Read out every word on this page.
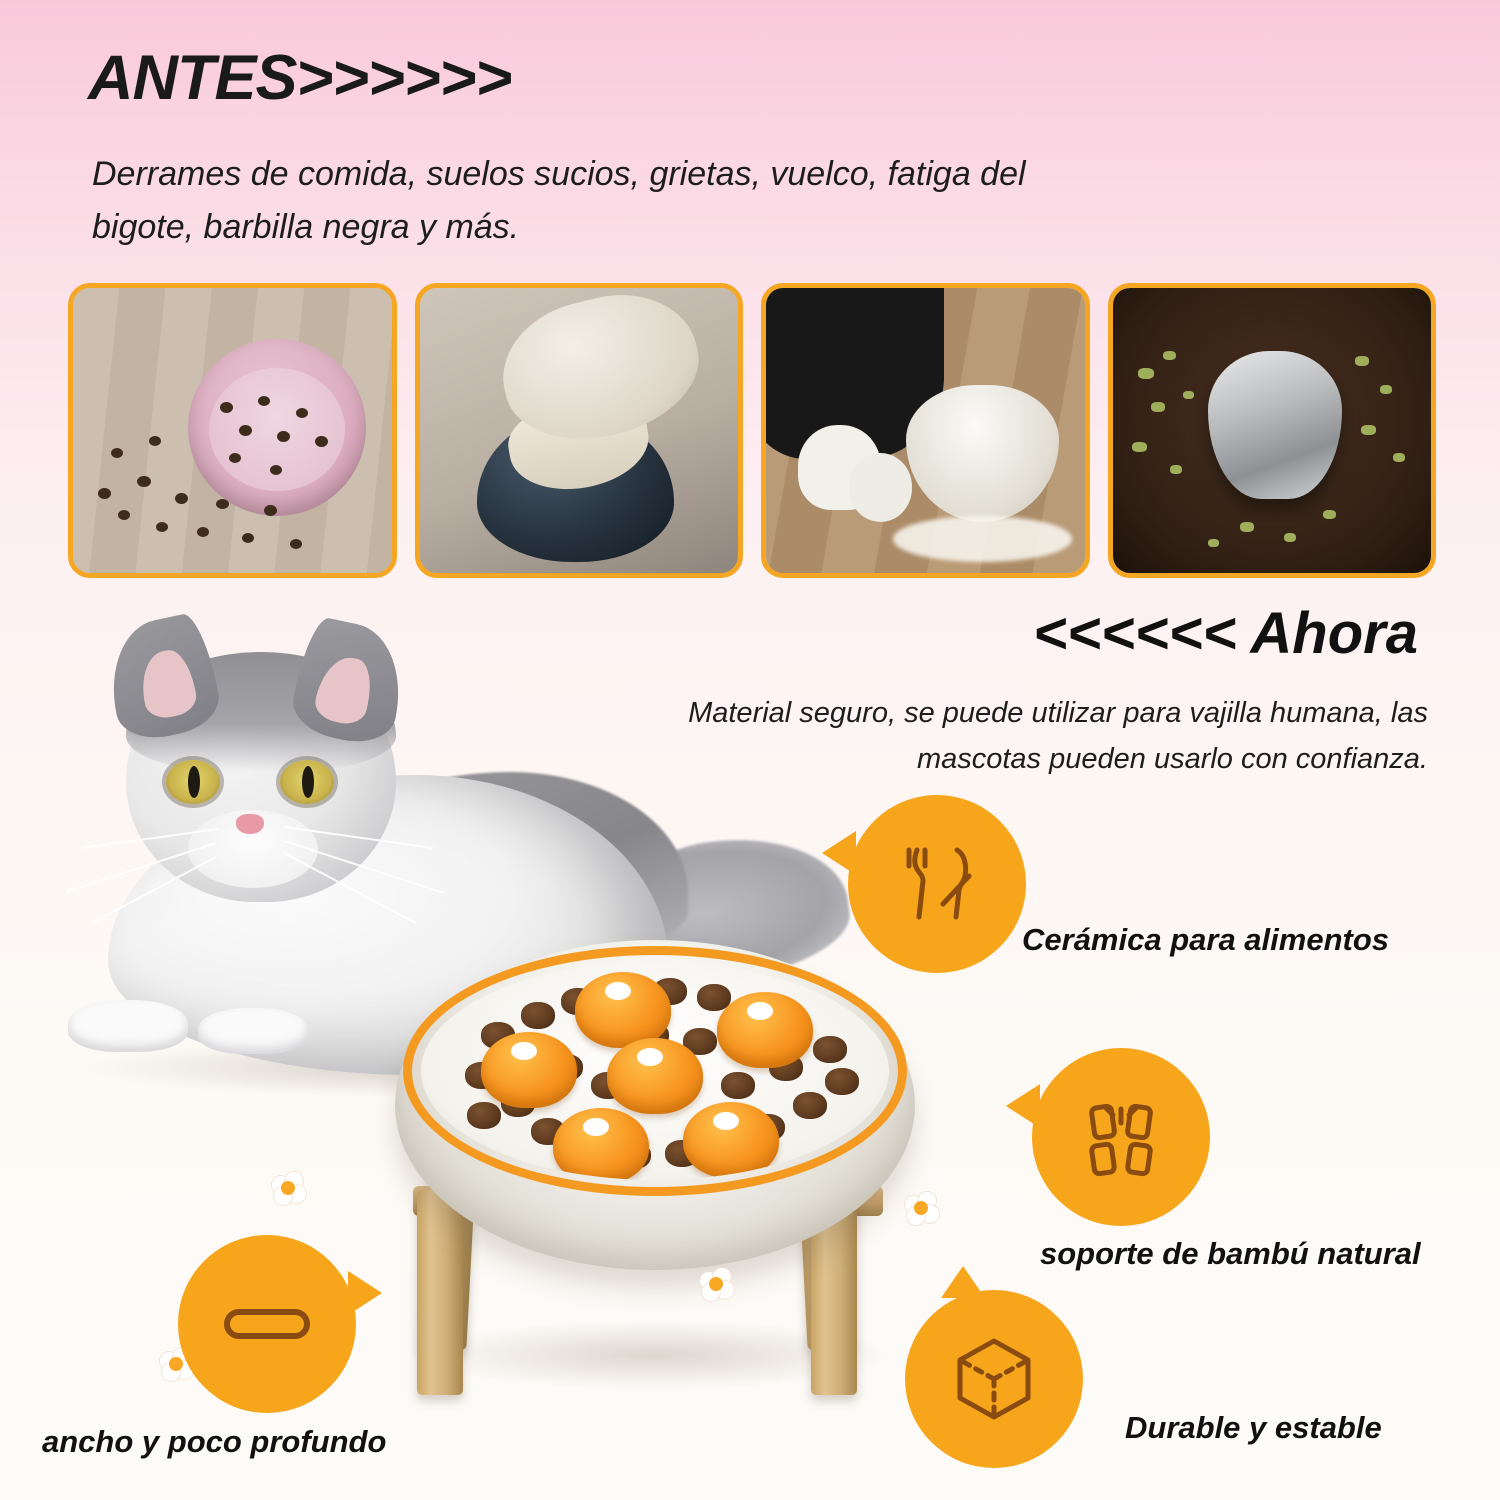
ANTES>>>>>>
Derrames de comida, suelos sucios, grietas, vuelco, fatiga del bigote, barbilla negra y más.
<<<<<< Ahora
Material seguro, se puede utilizar para vajilla humana, las mascotas pueden usarlo con confianza.
Cerámica para alimentos
soporte de bambú natural
Durable y estable
ancho y poco profundo
